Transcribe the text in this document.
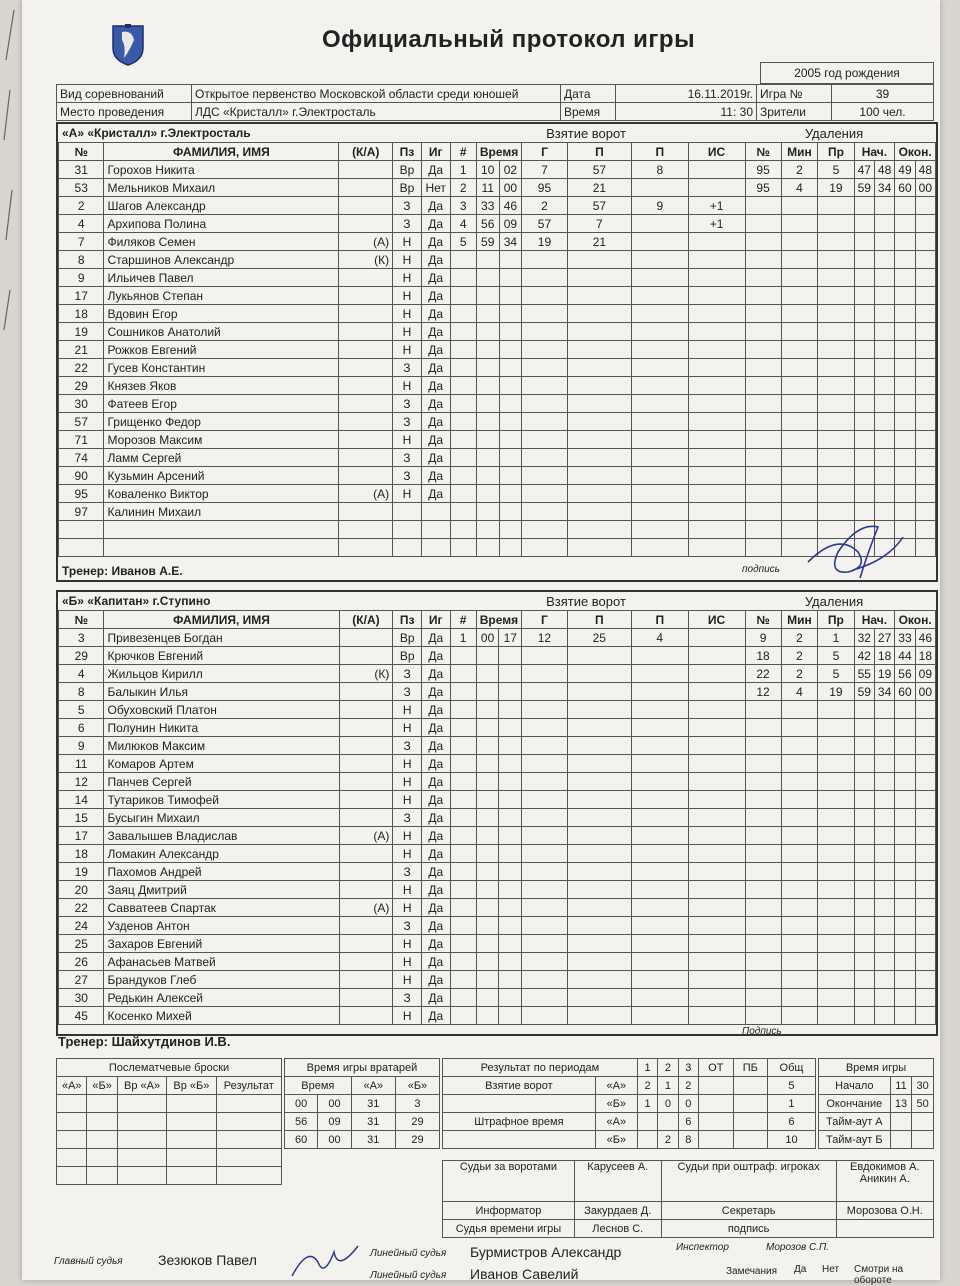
Официальный протокол игры
2005 год рождения
Вид соревнований	Открытое первенство Московской области среди юношей	Дата	16.11.2019г.	Игра №	39
Место проведения	ЛДС «Кристалл» г.Электросталь	Время	11: 30	Зрители	100 чел.
«А» «Кристалл» г.Электросталь	Взятие ворот	Удаления
№	ФАМИЛИЯ, ИМЯ	(К/А)	Пз	Иг	#	Время		Г	П	П	ИС	№	Мин	Пр	Нач.		Окон.	
31	Горохов Никита		Вр	Да	1	10	02	7	57	8		95	2	5	47	48	49	48
53	Мельников Михаил		Вр	Нет	2	11	00	95	21			95	4	19	59	34	60	00
2	Шагов Александр		З	Да	3	33	46	2	57	9	+1							
4	Архипова Полина		З	Да	4	56	09	57	7		+1							
7	Филяков Семен	(А)	Н	Да	5	59	34	19	21									
8	Старшинов Александр	(К)	Н	Да														
9	Ильичев Павел		Н	Да														
17	Лукьянов Степан		Н	Да														
18	Вдовин Егор		Н	Да														
19	Сошников Анатолий		Н	Да														
21	Рожков Евгений		Н	Да														
22	Гусев Константин		З	Да														
29	Князев Яков		Н	Да														
30	Фатеев Егор		З	Да														
57	Грищенко Федор		З	Да														
71	Морозов Максим		Н	Да														
74	Ламм Сергей		З	Да														
90	Кузьмин Арсений		З	Да														
95	Коваленко Виктор	(А)	Н	Да														
97	Калинин Михаил																	

Тренер: Иванов А.Е.	подпись
«Б» «Капитан» г.Ступино	Взятие ворот	Удаления
№	ФАМИЛИЯ, ИМЯ	(К/А)	Пз	Иг	#	Время		Г	П	П	ИС	№	Мин	Пр	Нач.		Окон.	
3	Привезенцев Богдан		Вр	Да	1	00	17	12	25	4		9	2	1	32	27	33	46
29	Крючков Евгений		Вр	Да								18	2	5	42	18	44	18
4	Жильцов Кирилл	(К)	З	Да								22	2	5	55	19	56	09
8	Балыкин Илья		З	Да								12	4	19	59	34	60	00
5	Обуховский Платон		Н	Да														
6	Полунин Никита		Н	Да														
9	Милюков Максим		З	Да														
11	Комаров Артем		Н	Да														
12	Панчев Сергей		Н	Да														
14	Тутариков Тимофей		Н	Да														
15	Бусыгин Михаил		З	Да														
17	Завалышев Владислав	(А)	Н	Да														
18	Ломакин Александр		Н	Да														
19	Пахомов Андрей		З	Да														
20	Заяц Дмитрий		Н	Да														
22	Савватеев Спартак	(А)	Н	Да														
24	Узденов Антон		З	Да														
25	Захаров Евгений		Н	Да														
26	Афанасьев Матвей		Н	Да														
27	Брандуков Глеб		Н	Да														
30	Редькин Алексей		З	Да														
45	Косенко Михей		Н	Да														
Подпись
Тренер: Шайхутдинов И.В.
Послематчевые броски				
«А»	«Б»	Вр «А»	Вр «Б»	Результат

Время игры вратарей			
Время		«А»	«Б»
00	00	31	3
56	09	31	29
60	00	31	29
Результат по периодам		1	2	3	ОТ	ПБ	Общ
Взятие ворот	«А»	2	1	2			5
	«Б»	1	0	0			1
Штрафное время	«А»			6			6
	«Б»		2	8			10
Время игры		
Начало	11	30
Окончание	13	50
Тайм-аут А		
Тайм-аут Б		
Судьи за воротами	Карусеев А.	Судьи при оштраф. игроках	Евдокимов А.
Аникин А.
Информатор	Закурдаев Д.	Секретарь	Морозова О.Н.
Судья времени игры	Леснов С.	подпись	
Главный судья	Зезюков Павел	Линейный судья
Линейный судья
Бурмистров Александр
Иванов Савелий
Инспектор	Морозов С.П.
Замечания Да Нет Смотри на обороте
